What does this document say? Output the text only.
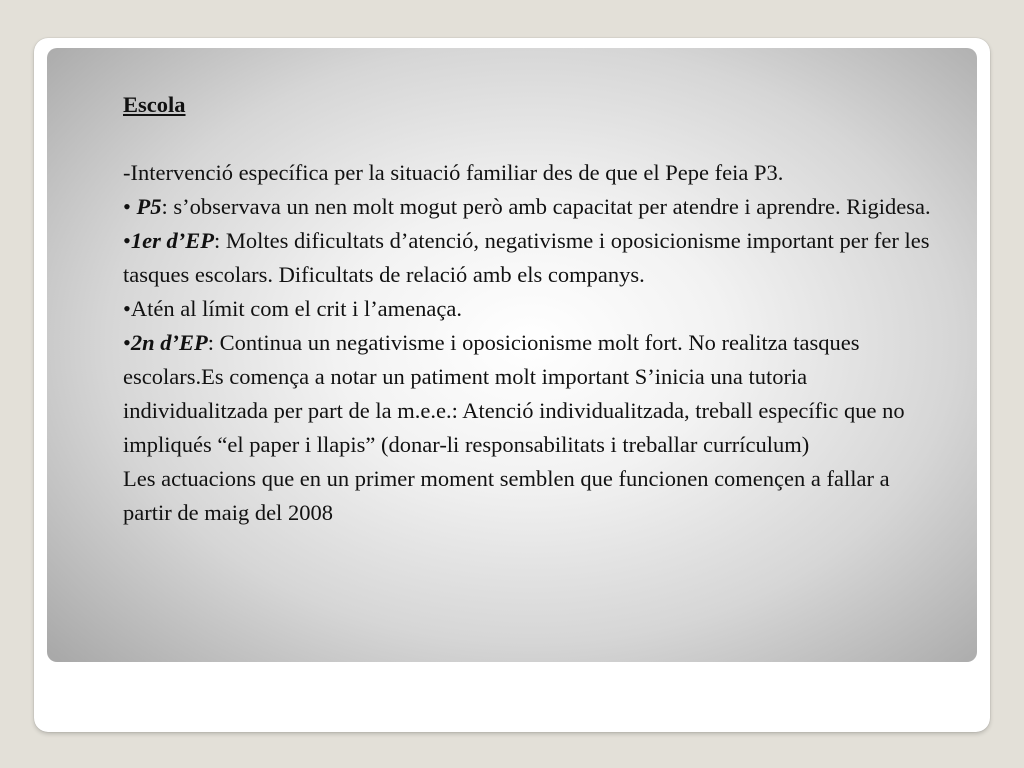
Escola

-Intervenció específica per la situació familiar des de que el Pepe feia P3.

• P5: s’observava un nen molt mogut però amb capacitat per atendre i aprendre. Rigidesa.

•1er d’EP: Moltes dificultats d’atenció, negativisme i oposicionisme important per fer les tasques escolars. Dificultats de relació amb els companys.

•Atén al límit com el crit i l’amenaça.

•2n d’EP: Continua un negativisme i oposicionisme molt fort. No realitza tasques escolars.Es comença a notar un patiment molt important S’inicia una tutoria individualitzada per part de la m.e.e.: Atenció individualitzada, treball específic que no impliqués “el paper i llapis” (donar-li responsabilitats i treballar currículum)

Les actuacions que en un primer moment semblen que funcionen començen a fallar a partir de maig del 2008
